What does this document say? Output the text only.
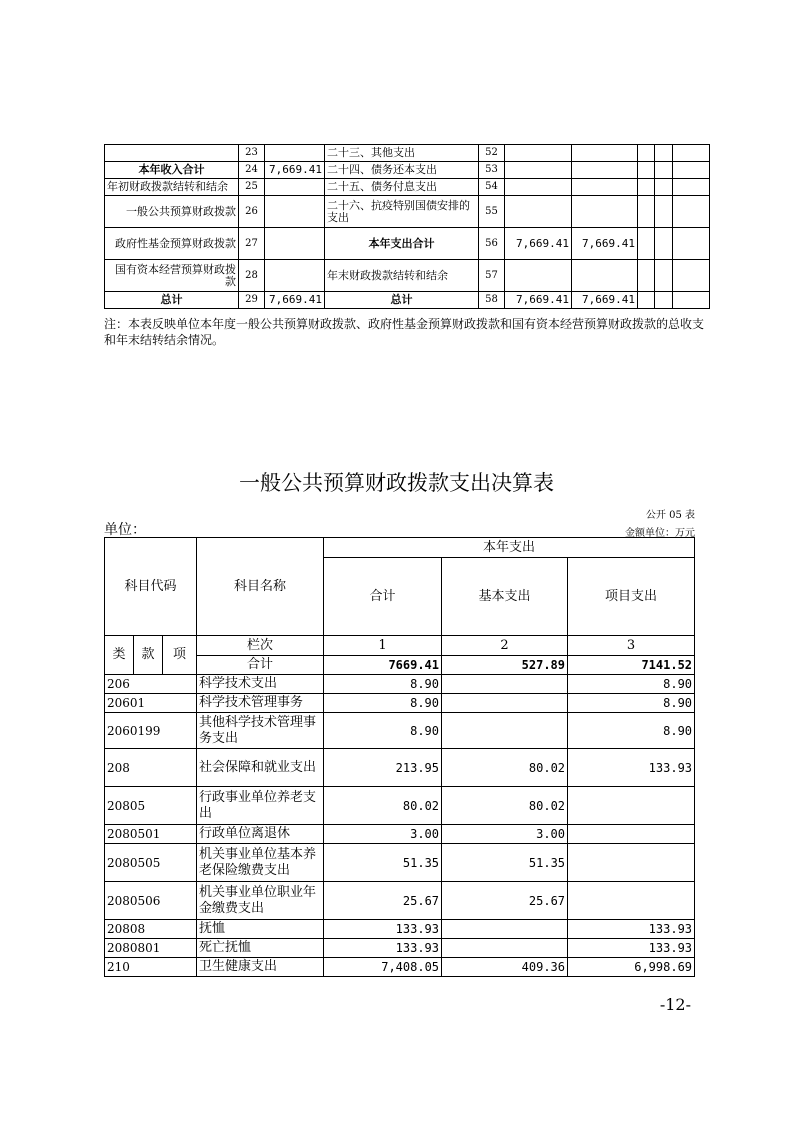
	23		二十三、其他支出	52					
本年收入合计	24	7,669.41	二十四、债务还本支出	53					
年初财政拨款结转和结余	25		二十五、债务付息支出	54					
一般公共预算财政拨款	26		二十六、抗疫特别国债安排的支出	55					
政府性基金预算财政拨款	27		本年支出合计	56	7,669.41	7,669.41			
国有资本经营预算财政拨款	28		年末财政拨款结转和结余	57					
总计	29	7,669.41	总计	58	7,669.41	7,669.41			
注：本表反映单位本年度一般公共预算财政拨款、政府性基金预算财政拨款和国有资本经营预算财政拨款的总收支和年末结转结余情况。
一般公共预算财政拨款支出决算表
公开 05 表
单位：	金额单位：万元
科目代码			科目名称	本年支出		
				合计	基本支出	项目支出
类	款	项	栏次	1	2	3
			合计	7669.41	527.89	7141.52
206			科学技术支出	8.90		8.90
20601			科学技术管理事务	8.90		8.90
2060199			其他科学技术管理事务支出	8.90		8.90
208			社会保障和就业支出	213.95	80.02	133.93
20805			行政事业单位养老支出	80.02	80.02	
2080501			行政单位离退休	3.00	3.00	
2080505			机关事业单位基本养老保险缴费支出	51.35	51.35	
2080506			机关事业单位职业年金缴费支出	25.67	25.67	
20808			抚恤	133.93		133.93
2080801			死亡抚恤	133.93		133.93
210			卫生健康支出	7,408.05	409.36	6,998.69
-12-
